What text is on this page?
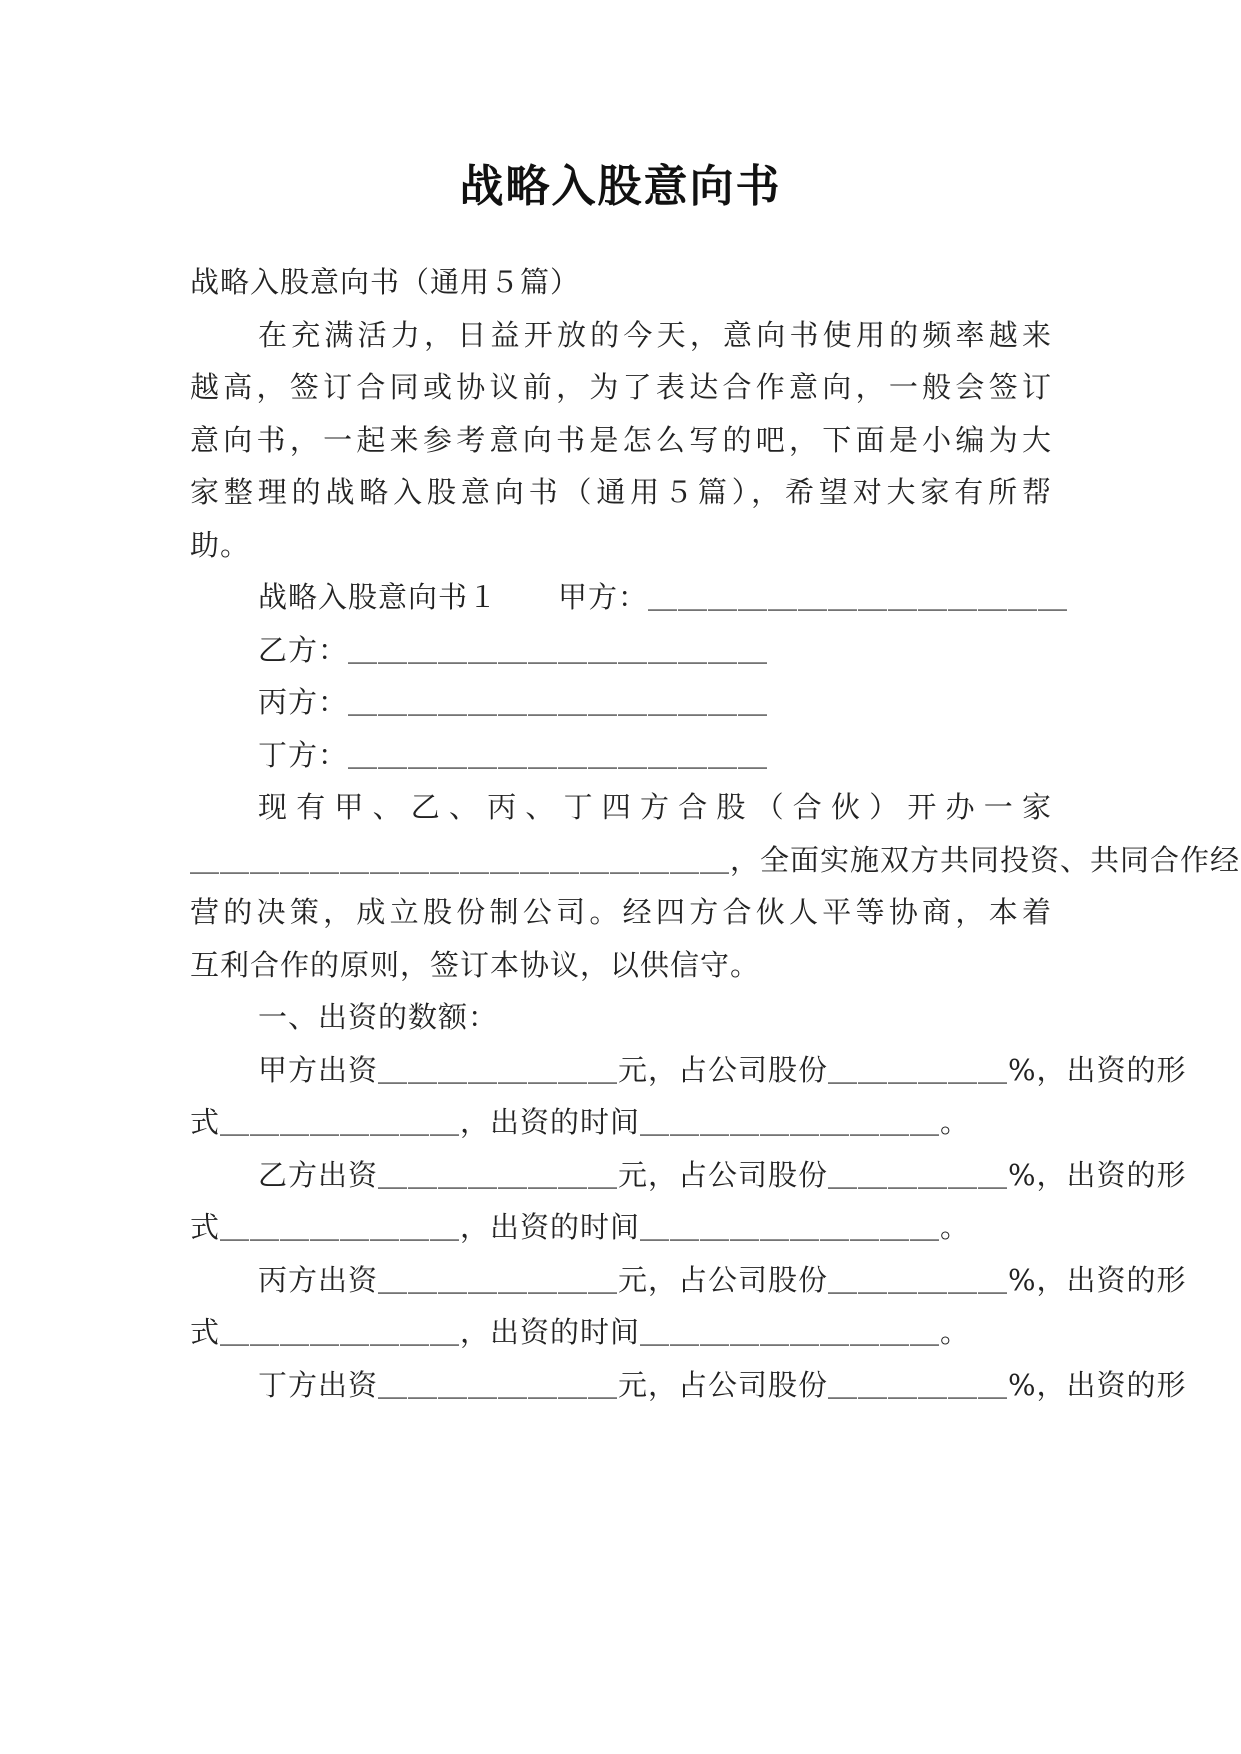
战略入股意向书
战略入股意向书（通用５篇）
在充满活力，日益开放的今天，意向书使用的频率越来
越高，签订合同或协议前，为了表达合作意向，一般会签订
意向书，一起来参考意向书是怎么写的吧，下面是小编为大
家整理的战略入股意向书（通用５篇），希望对大家有所帮
助。
战略入股意向书１　　甲方：＿＿＿＿＿＿＿＿＿＿＿＿＿＿
乙方：＿＿＿＿＿＿＿＿＿＿＿＿＿＿
丙方：＿＿＿＿＿＿＿＿＿＿＿＿＿＿
丁方：＿＿＿＿＿＿＿＿＿＿＿＿＿＿
现有甲、乙、丙、丁四方合股（合伙）开办一家
＿＿＿＿＿＿＿＿＿＿＿＿＿＿＿＿＿＿，全面实施双方共同投资、共同合作经
营的决策，成立股份制公司。经四方合伙人平等协商，本着
互利合作的原则，签订本协议，以供信守。
一、出资的数额：
甲方出资＿＿＿＿＿＿＿＿元，占公司股份＿＿＿＿＿＿%，出资的形
式＿＿＿＿＿＿＿＿，出资的时间＿＿＿＿＿＿＿＿＿＿。
乙方出资＿＿＿＿＿＿＿＿元，占公司股份＿＿＿＿＿＿%，出资的形
式＿＿＿＿＿＿＿＿，出资的时间＿＿＿＿＿＿＿＿＿＿。
丙方出资＿＿＿＿＿＿＿＿元，占公司股份＿＿＿＿＿＿%，出资的形
式＿＿＿＿＿＿＿＿，出资的时间＿＿＿＿＿＿＿＿＿＿。
丁方出资＿＿＿＿＿＿＿＿元，占公司股份＿＿＿＿＿＿%，出资的形
